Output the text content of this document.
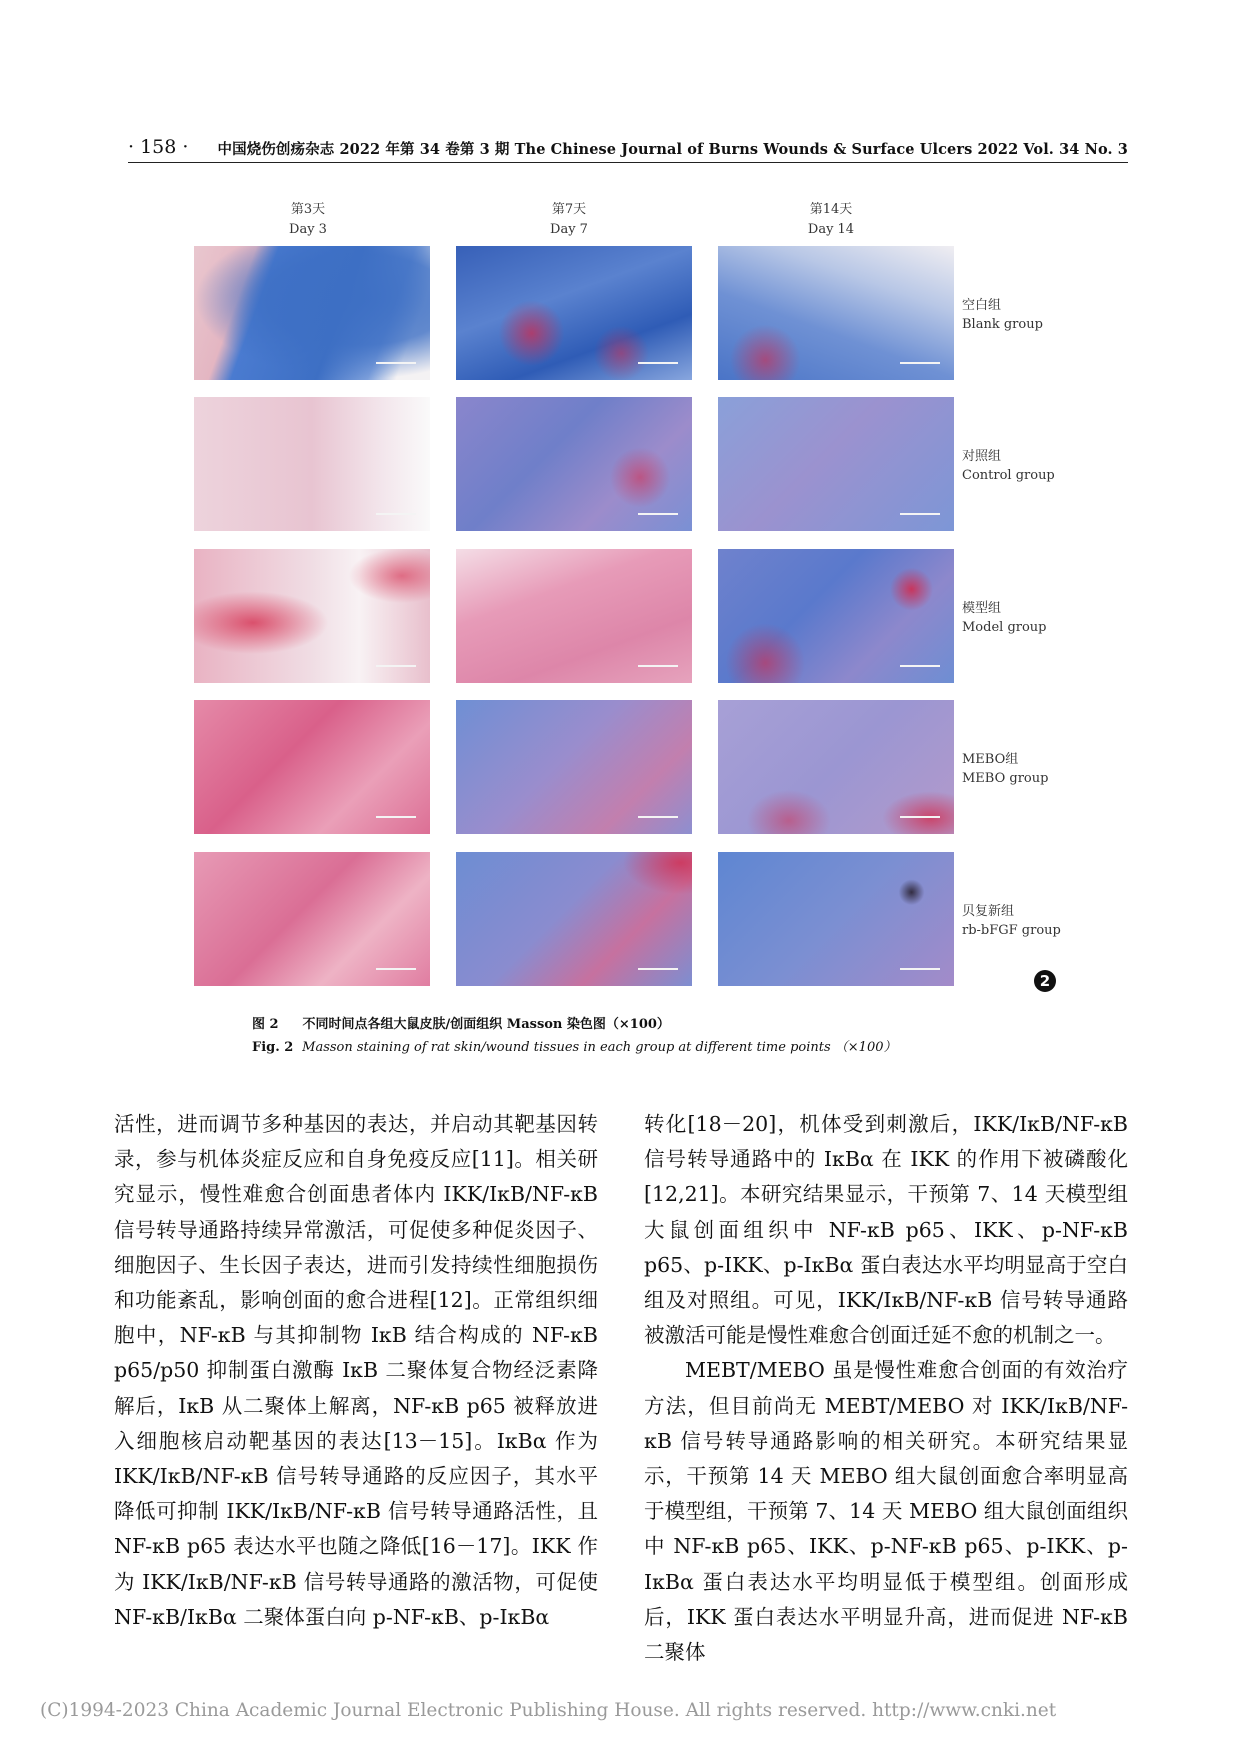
· 158 · 中国烧伤创疡杂志 2022 年第 34 卷第 3 期 The Chinese Journal of Burns Wounds & Surface Ulcers 2022 Vol. 34 No. 3
第3天
Day 3
第7天
Day 7
第14天
Day 14
空白组
Blank group
对照组
Control group
模型组
Model group
MEBO组
MEBO group
贝复新组
rb-bFGF group
2
图 2 不同时间点各组大鼠皮肤/创面组织 Masson 染色图（×100）
Fig. 2 Masson staining of rat skin/wound tissues in each group at different time points （×100）

活性，进而调节多种基因的表达，并启动其靶基因转录，参与机体炎症反应和自身免疫反应[11]。相关研究显示，慢性难愈合创面患者体内 IKK/IκB/NF-κB 信号转导通路持续异常激活，可促使多种促炎因子、细胞因子、生长因子表达，进而引发持续性细胞损伤和功能紊乱，影响创面的愈合进程[12]。正常组织细胞中，NF-κB 与其抑制物 IκB 结合构成的 NF-κB p65/p50 抑制蛋白激酶 IκB 二聚体复合物经泛素降解后，IκB 从二聚体上解离，NF-κB p65 被释放进入细胞核启动靶基因的表达[13－15]。IκBα 作为 IKK/IκB/NF-κB 信号转导通路的反应因子，其水平降低可抑制 IKK/IκB/NF-κB 信号转导通路活性，且 NF-κB p65 表达水平也随之降低[16－17]。IKK 作为 IKK/IκB/NF-κB 信号转导通路的激活物，可促使 NF-κB/IκBα 二聚体蛋白向 p-NF-κB、p-IκBα

转化[18－20]，机体受到刺激后，IKK/IκB/NF-κB 信号转导通路中的 IκBα 在 IKK 的作用下被磷酸化[12,21]。本研究结果显示，干预第 7、14 天模型组大鼠创面组织中 NF-κB p65、IKK、p-NF-κB p65、p-IKK、p-IκBα 蛋白表达水平均明显高于空白组及对照组。可见，IKK/IκB/NF-κB 信号转导通路被激活可能是慢性难愈合创面迁延不愈的机制之一。

MEBT/MEBO 虽是慢性难愈合创面的有效治疗方法，但目前尚无 MEBT/MEBO 对 IKK/IκB/NF-κB 信号转导通路影响的相关研究。本研究结果显示，干预第 14 天 MEBO 组大鼠创面愈合率明显高于模型组，干预第 7、14 天 MEBO 组大鼠创面组织中 NF-κB p65、IKK、p-NF-κB p65、p-IKK、p-IκBα 蛋白表达水平均明显低于模型组。创面形成后，IKK 蛋白表达水平明显升高，进而促进 NF-κB 二聚体

(C)1994-2023 China Academic Journal Electronic Publishing House. All rights reserved. http://www.cnki.net
